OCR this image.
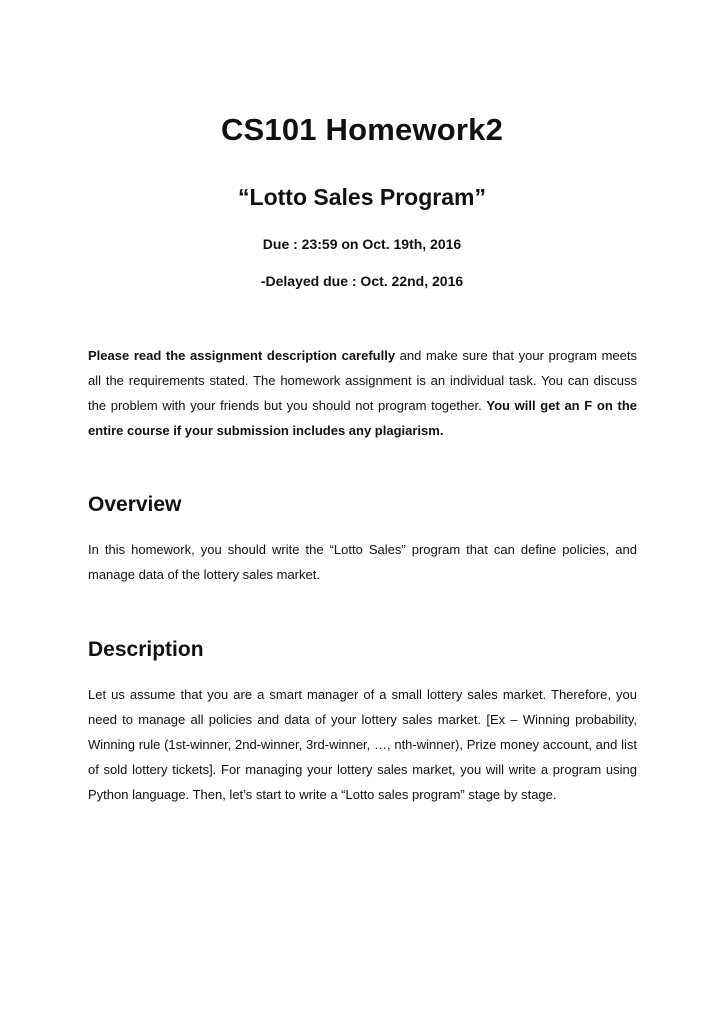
CS101 Homework2
“Lotto Sales Program”

Due : 23:59 on Oct. 19th, 2016

-Delayed due : Oct. 22nd, 2016

Please read the assignment description carefully and make sure that your program meets all the requirements stated. The homework assignment is an individual task. You can discuss the problem with your friends but you should not program together. You will get an F on the entire course if your submission includes any plagiarism.

Overview

In this homework, you should write the “Lotto Sales” program that can define policies, and manage data of the lottery sales market.

Description

Let us assume that you are a smart manager of a small lottery sales market. Therefore, you need to manage all policies and data of your lottery sales market. [Ex – Winning probability, Winning rule (1st-winner, 2nd-winner, 3rd-winner, …, nth-winner), Prize money account, and list of sold lottery tickets]. For managing your lottery sales market, you will write a program using Python language. Then, let’s start to write a “Lotto sales program” stage by stage.
